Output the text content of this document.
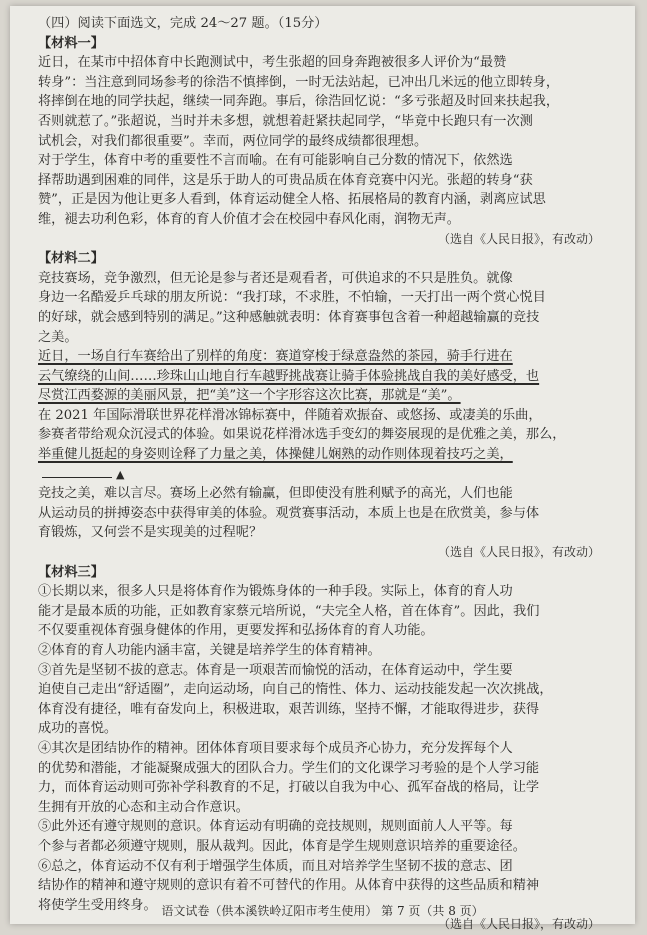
（四）阅读下面选文，完成 24～27 题。（15分）
【材料一】
近日，在某市中招体育中长跑测试中，考生张超的回身奔跑被很多人评价为“最赞
转身”：当注意到同场参考的徐浩不慎摔倒，一时无法站起，已冲出几米远的他立即转身，
将摔倒在地的同学扶起，继续一同奔跑。事后，徐浩回忆说：“多亏张超及时回来扶起我，
否则就惹了。”张超说，当时并未多想，就想着赶紧扶起同学，“毕竟中长跑只有一次测
试机会，对我们都很重要”。幸而，两位同学的最终成绩都很理想。
对于学生，体育中考的重要性不言而喻。在有可能影响自己分数的情况下，依然选
择帮助遇到困难的同伴，这是乐于助人的可贵品质在体育竞赛中闪光。张超的转身“获
赞”，正是因为他让更多人看到，体育运动健全人格、拓展格局的教育内涵，剥离应试思
维，褪去功利色彩，体育的育人价值才会在校园中春风化雨，润物无声。
（选自《人民日报》，有改动）
【材料二】
竞技赛场，竞争激烈，但无论是参与者还是观看者，可供追求的不只是胜负。就像
身边一名酷爱乒乓球的朋友所说：“我打球，不求胜，不怕输，一天打出一两个赏心悦目
的好球，就会感到特别的满足。”这种感触就表明：体育赛事包含着一种超越输赢的竞技
之美。
近日，一场自行车赛给出了别样的角度：赛道穿梭于绿意盎然的茶园，骑手行进在
云气缭绕的山间……珍珠山山地自行车越野挑战赛让骑手体验挑战自我的美好感受，也
尽赏江西婺源的美丽风景，把“美”这一个字形容这次比赛，那就是“美”。
在 2021 年国际滑联世界花样滑冰锦标赛中，伴随着欢振奋、或悠扬、或凄美的乐曲，
参赛者带给观众沉浸式的体验。如果说花样滑冰选手变幻的舞姿展现的是优雅之美，那么，
举重健儿挺起的身姿则诠释了力量之美，体操健儿娴熟的动作则体现着技巧之美，
▲
竞技之美，难以言尽。赛场上必然有输赢，但即使没有胜利赋予的高光，人们也能
从运动员的拼搏姿态中获得审美的体验。观赏赛事活动，本质上也是在欣赏美，参与体
育锻炼，又何尝不是实现美的过程呢？
（选自《人民日报》，有改动）
【材料三】
①长期以来，很多人只是将体育作为锻炼身体的一种手段。实际上，体育的育人功
能才是最本质的功能，正如教育家蔡元培所说，“夫完全人格，首在体育”。因此，我们
不仅要重视体育强身健体的作用，更要发挥和弘扬体育的育人功能。
②体育的育人功能内涵丰富，关键是培养学生的体育精神。
③首先是坚韧不拔的意志。体育是一项艰苦而愉悦的活动，在体育运动中，学生要
迫使自己走出“舒适圈”，走向运动场，向自己的惰性、体力、运动技能发起一次次挑战，
体育没有捷径，唯有奋发向上，积极进取，艰苦训练，坚持不懈，才能取得进步，获得
成功的喜悦。
④其次是团结协作的精神。团体体育项目要求每个成员齐心协力，充分发挥每个人
的优势和潜能，才能凝聚成强大的团队合力。学生们的文化课学习考验的是个人学习能
力，而体育运动则可弥补学科教育的不足，打破以自我为中心、孤军奋战的格局，让学
生拥有开放的心态和主动合作意识。
⑤此外还有遵守规则的意识。体育运动有明确的竞技规则，规则面前人人平等。每
个参与者都必须遵守规则，服从裁判。因此，体育是学生规则意识培养的重要途径。
⑥总之，体育运动不仅有利于增强学生体质，而且对培养学生坚韧不拔的意志、团
结协作的精神和遵守规则的意识有着不可替代的作用。从体育中获得的这些品质和精神
将使学生受用终身。
（选自《人民日报》，有改动）
语文试卷（供本溪铁岭辽阳市考生使用） 第 7 页（共 8 页）
